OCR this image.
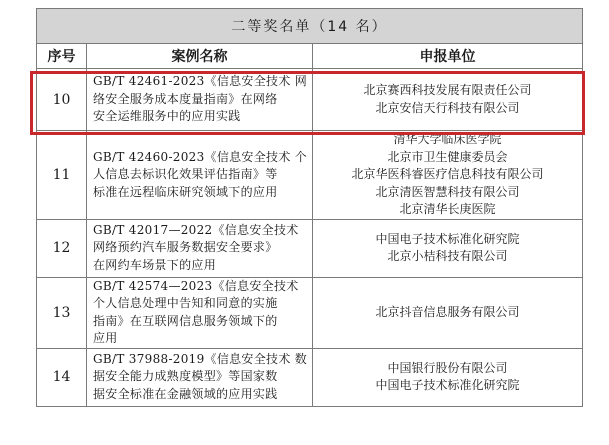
二等奖名单（14 名）		
序号	案例名称	申报单位
10	GB/T 42461-2023《信息安全技术 网
络安全服务成本度量指南》在网络
安全运维服务中的应用实践	北京赛西科技发展有限责任公司
北京安信天行科技有限公司

11	GB/T 42460-2023《信息安全技术 个
人信息去标识化效果评估指南》等
标准在远程临床研究领域下的应用	清华大学临床医学院
北京市卫生健康委员会
北京华医科睿医疗信息科技有限公司
北京清医智慧科技有限公司
北京清华长庚医院

12	GB/T 42017—2022《信息安全技术
网络预约汽车服务数据安全要求》
在网约车场景下的应用	中国电子技术标准化研究院
北京小桔科技有限公司

13	GB/T 42574—2023《信息安全技术
个人信息处理中告知和同意的实施
指南》在互联网信息服务领域下的
应用	北京抖音信息服务有限公司

14	GB/T 37988-2019《信息安全技术 数
据安全能力成熟度模型》等国家数
据安全标准在金融领域的应用实践	中国银行股份有限公司
中国电子技术标准化研究院
